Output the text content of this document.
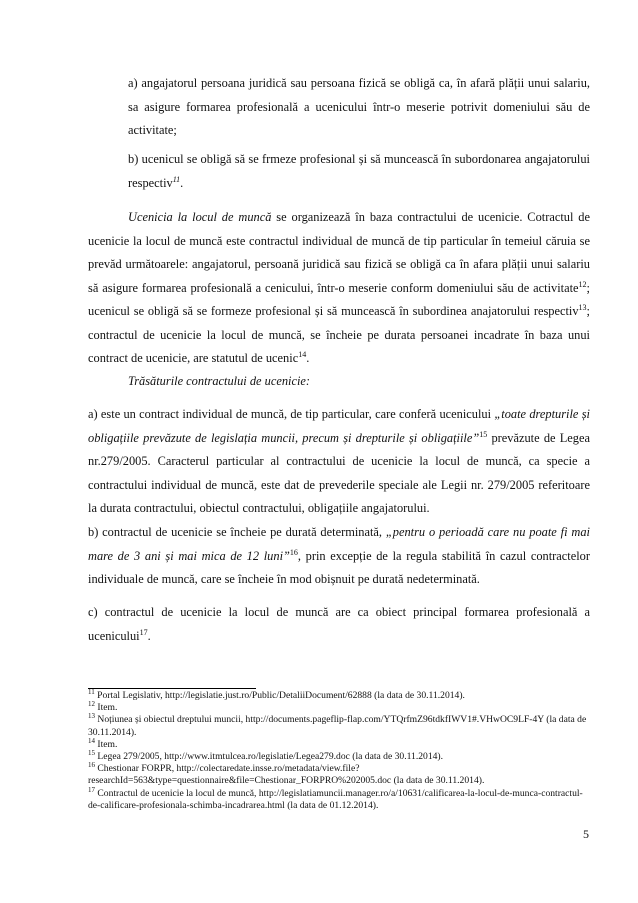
a) angajatorul persoana juridică sau persoana fizică se obligă ca, în afară plății unui salariu, sa asigure formarea profesională a ucenicului într-o meserie potrivit domeniului său de activitate;
b) ucenicul se obligă să se frmeze profesional și să muncească în subordonarea angajatorului respectiv$^{11}$.
Ucenicia la locul de muncă se organizează în baza contractului de ucenicie. Cotractul de ucenicie la locul de muncă este contractul individual de muncă de tip particular în temeiul căruia se prevăd următoarele: angajatorul, persoană juridică sau fizică se obligă ca în afara plății unui salariu să asigure formarea profesională a cenicului, într-o meserie conform domeniului său de activitate$^{12}$; ucenicul se obligă să se formeze profesional și să muncească în subordinea anajatorului respectiv$^{13}$; contractul de ucenicie la locul de muncă, se încheie pe durata persoanei incadrate în baza unui contract de ucenicie, are statutul de ucenic$^{14}$.
Trăsăturile contractului de ucenicie:
a) este un contract individual de muncă, de tip particular, care conferă ucenicului „toate drepturile și obligațiile prevăzute de legislația muncii, precum și drepturile și obligațiile”$^{15}$ prevăzute de Legea nr.279/2005. Caracterul particular al contractului de ucenicie la locul de muncă, ca specie a contractului individual de muncă, este dat de prevederile speciale ale Legii nr. 279/2005 referitoare la durata contractului, obiectul contractului, obligațiile angajatorului.
b) contractul de ucenicie se încheie pe durată determinată, „pentru o perioadă care nu poate fi mai mare de 3 ani și mai mica de 12 luni”$^{16}$, prin excepție de la regula stabilită în cazul contractelor individuale de muncă, care se încheie în mod obișnuit pe durată nedeterminată.
c) contractul de ucenicie la locul de muncă are ca obiect principal formarea profesională a ucenicului$^{17}$.

$^{11}$ Portal Legislativ, http://legislatie.just.ro/Public/DetaliiDocument/62888 (la data de 30.11.2014).

$^{12}$ Item.

$^{13}$ Noțiunea și obiectul dreptului muncii, http://documents.pageflip-flap.com/YTQrfmZ96tdkfIWV1#.VHwOC9LF-4Y (la data de 30.11.2014).

$^{14}$ Item.

$^{15}$ Legea 279/2005, http://www.itmtulcea.ro/legislatie/Legea279.doc (la data de 30.11.2014).

$^{16}$ Chestionar FORPR, http://colectaredate.insse.ro/metadata/view.file?researchId=563&type=questionnaire&file=Chestionar_FORPRO%202005.doc (la data de 30.11.2014).

$^{17}$ Contractul de ucenicie la locul de muncă, http://legislatiamuncii.manager.ro/a/10631/calificarea-la-locul-de-munca-contractul-de-calificare-profesionala-schimba-incadrarea.html (la data de 01.12.2014).

5
